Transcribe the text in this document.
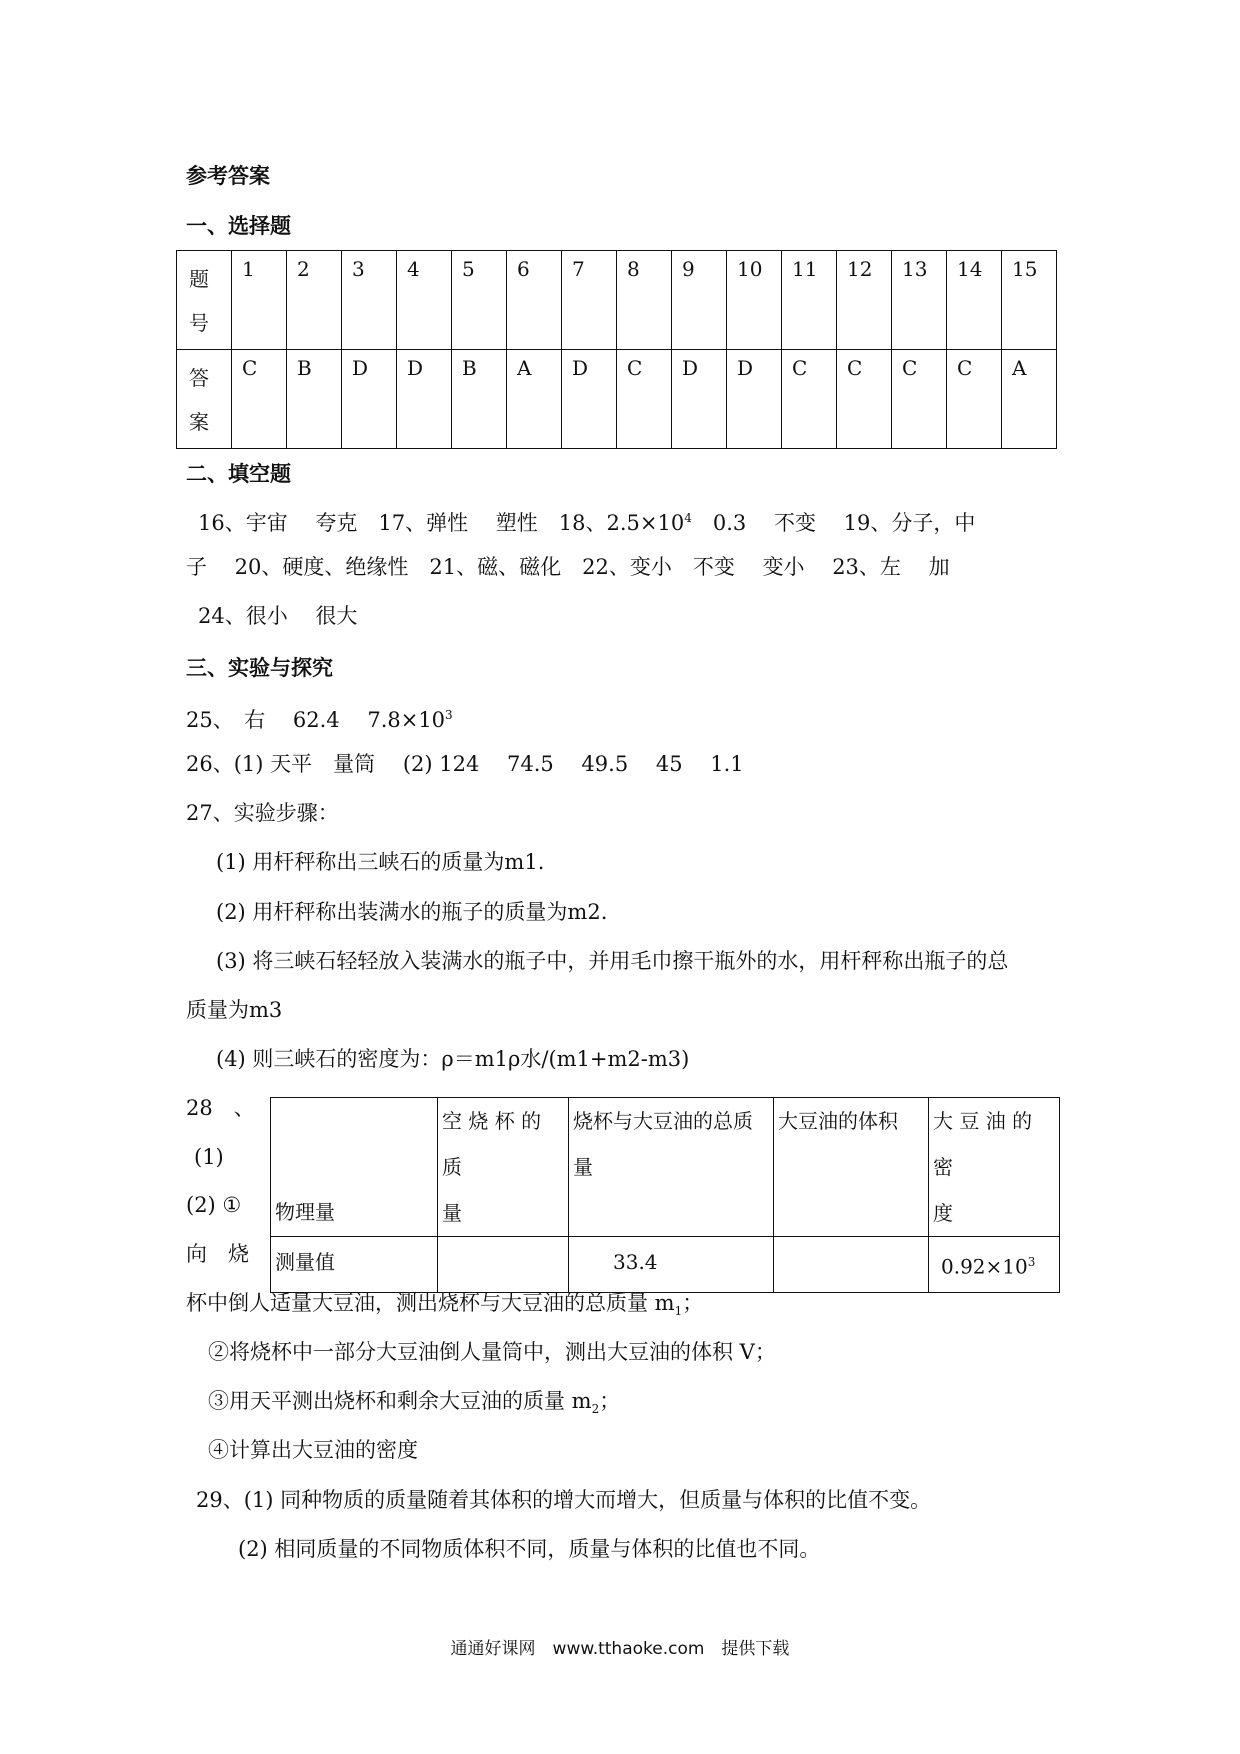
参考答案
一、选择题
题
号	1	2	3	4	5	6	7	8	9	10	11	12	13	14	15
答
案	C	B	D	D	B	A	D	C	D	D	C	C	C	C	A
二、填空题
16、宇宙　 夸克　17、弹性　 塑性　18、$2.5\times 10^4$　0.3　 不变　 19、分子，中
子　 20、硬度、绝缘性　21、磁、磁化　22、变小　不变　 变小　 23、左　 加
24、很小　 很大
三、实验与探究
25、　右　 62.4　 $7.8\times 10^3$
26、(1) 天平　量筒　 (2) 124　 74.5　 49.5　 45　 1.1
27、实验步骤：
(1) 用杆秤称出三峡石的质量为m1.
(2) 用杆秤称出装满水的瓶子的质量为m2.
(3) 将三峡石轻轻放入装满水的瓶子中，并用毛巾擦干瓶外的水，用杆秤称出瓶子的总
质量为m3
(4) 则三峡石的密度为：ρ＝m1ρ水/(m1+m2-m3)
28　、
(1)
(2) ①
向　烧
物理量	空 烧 杯 的 质
量	烧杯与大豆油的总质
量	大豆油的体积	大 豆 油 的 密
度
测量值		33.4		$0.92\times 10^3$
杯中倒人适量大豆油，测出烧杯与大豆油的总质量 $m_1$；
②将烧杯中一部分大豆油倒人量筒中，测出大豆油的体积 V；
③用天平测出烧杯和剩余大豆油的质量 $m_2$；
④计算出大豆油的密度
29、(1) 同种物质的质量随着其体积的增大而增大，但质量与体积的比值不变。
(2) 相同质量的不同物质体积不同，质量与体积的比值也不同。
通通好课网　www.tthaoke.com　提供下载
